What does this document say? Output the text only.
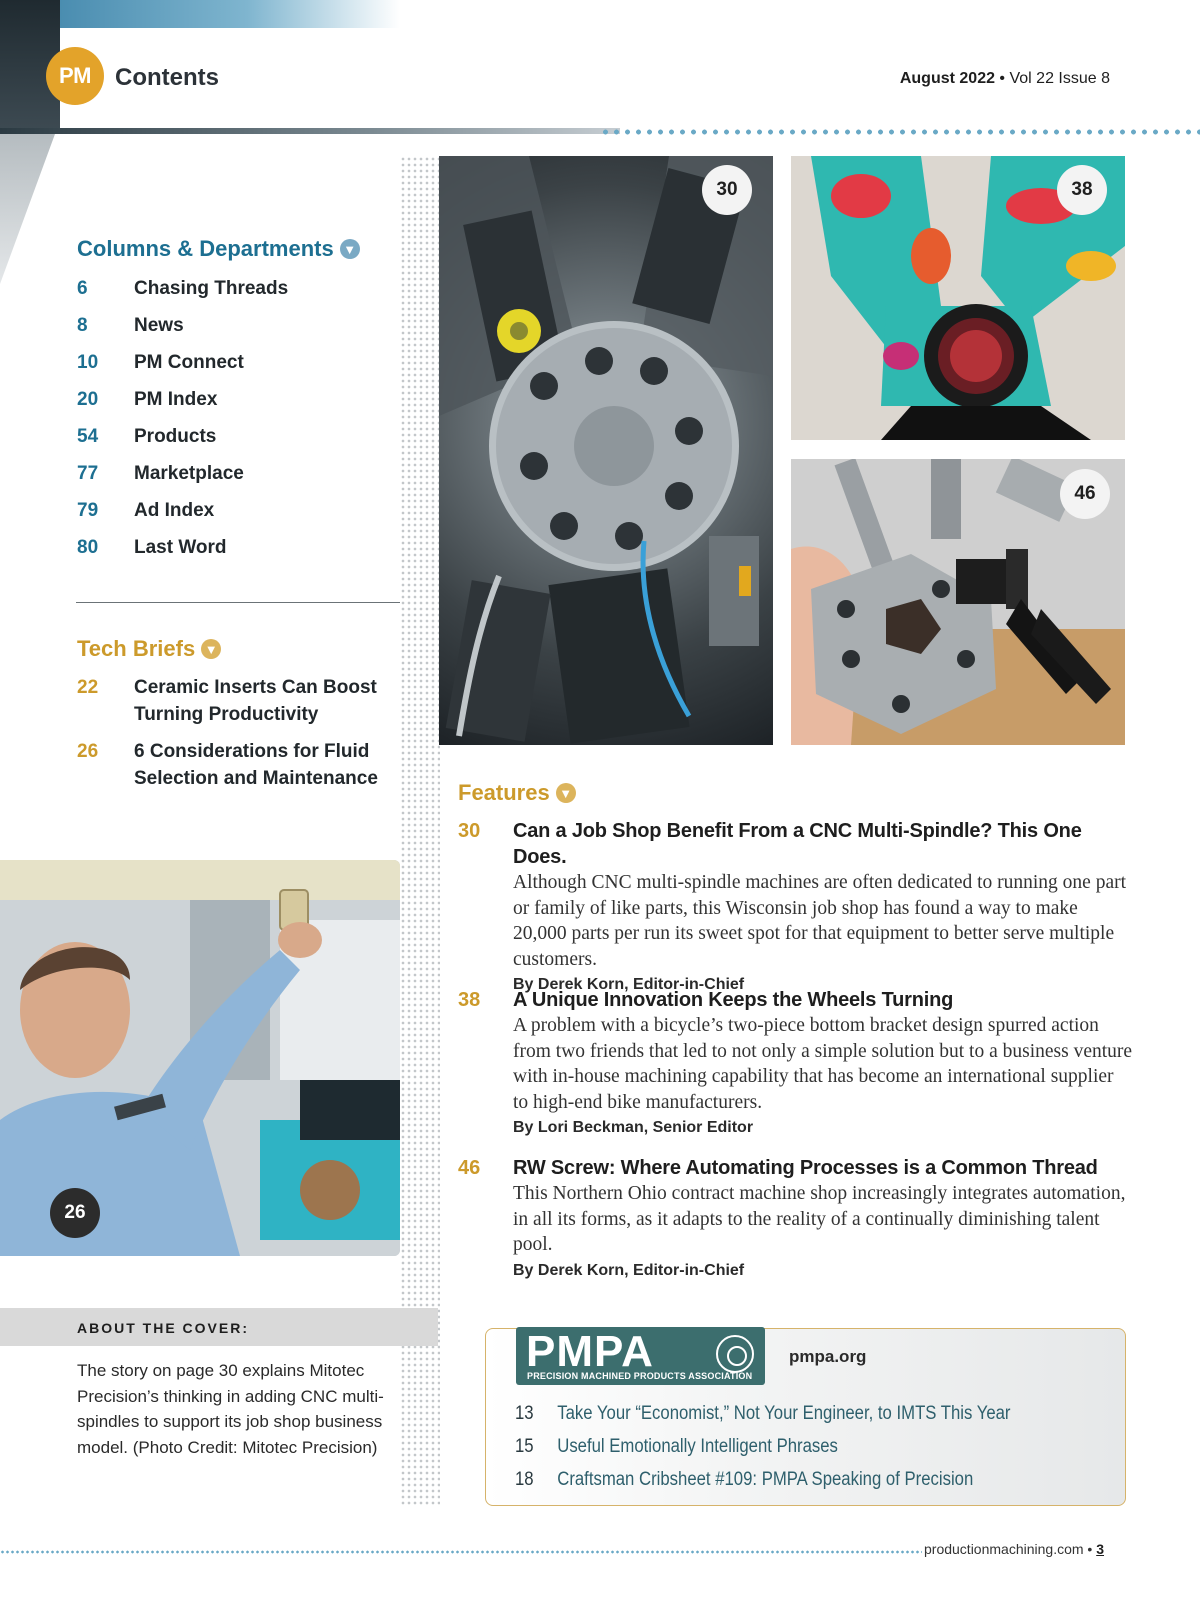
PM Contents	August 2022 • Vol 22 Issue 8
Columns & Departments ▼
6	Chasing Threads
8	News
10	PM Connect
20	PM Index
54	Products
77	Marketplace
79	Ad Index
80	Last Word
Tech Briefs ▼
22	Ceramic Inserts Can Boost Turning Productivity
26	6 Considerations for Fluid Selection and Maintenance
30	38
46
26
ABOUT THE COVER:
The story on page 30 explains Mitotec Precision’s thinking in adding CNC multi-spindles to support its job shop business model. (Photo Credit: Mitotec Precision)
Features ▼
30	Can a Job Shop Benefit From a CNC Multi-Spindle? This One Does.
Although CNC multi-spindle machines are often dedicated to running one part or family of like parts, this Wisconsin job shop has found a way to make 20,000 parts per run its sweet spot for that equipment to better serve multiple customers.
By Derek Korn, Editor-in-Chief
38	A Unique Innovation Keeps the Wheels Turning
A problem with a bicycle’s two-piece bottom bracket design spurred action from two friends that led to not only a simple solution but to a business venture with in-house machining capability that has become an international supplier to high-end bike manufacturers.
By Lori Beckman, Senior Editor
46	RW Screw: Where Automating Processes is a Common Thread
This Northern Ohio contract machine shop increasingly integrates automation, in all its forms, as it adapts to the reality of a continually diminishing talent pool.
By Derek Korn, Editor-in-Chief
PMPA
PRECISION MACHINED PRODUCTS ASSOCIATION
pmpa.org
13	Take Your “Economist,” Not Your Engineer, to IMTS This Year
15	Useful Emotionally Intelligent Phrases
18	Craftsman Cribsheet #109: PMPA Speaking of Precision
productionmachining.com • 3
